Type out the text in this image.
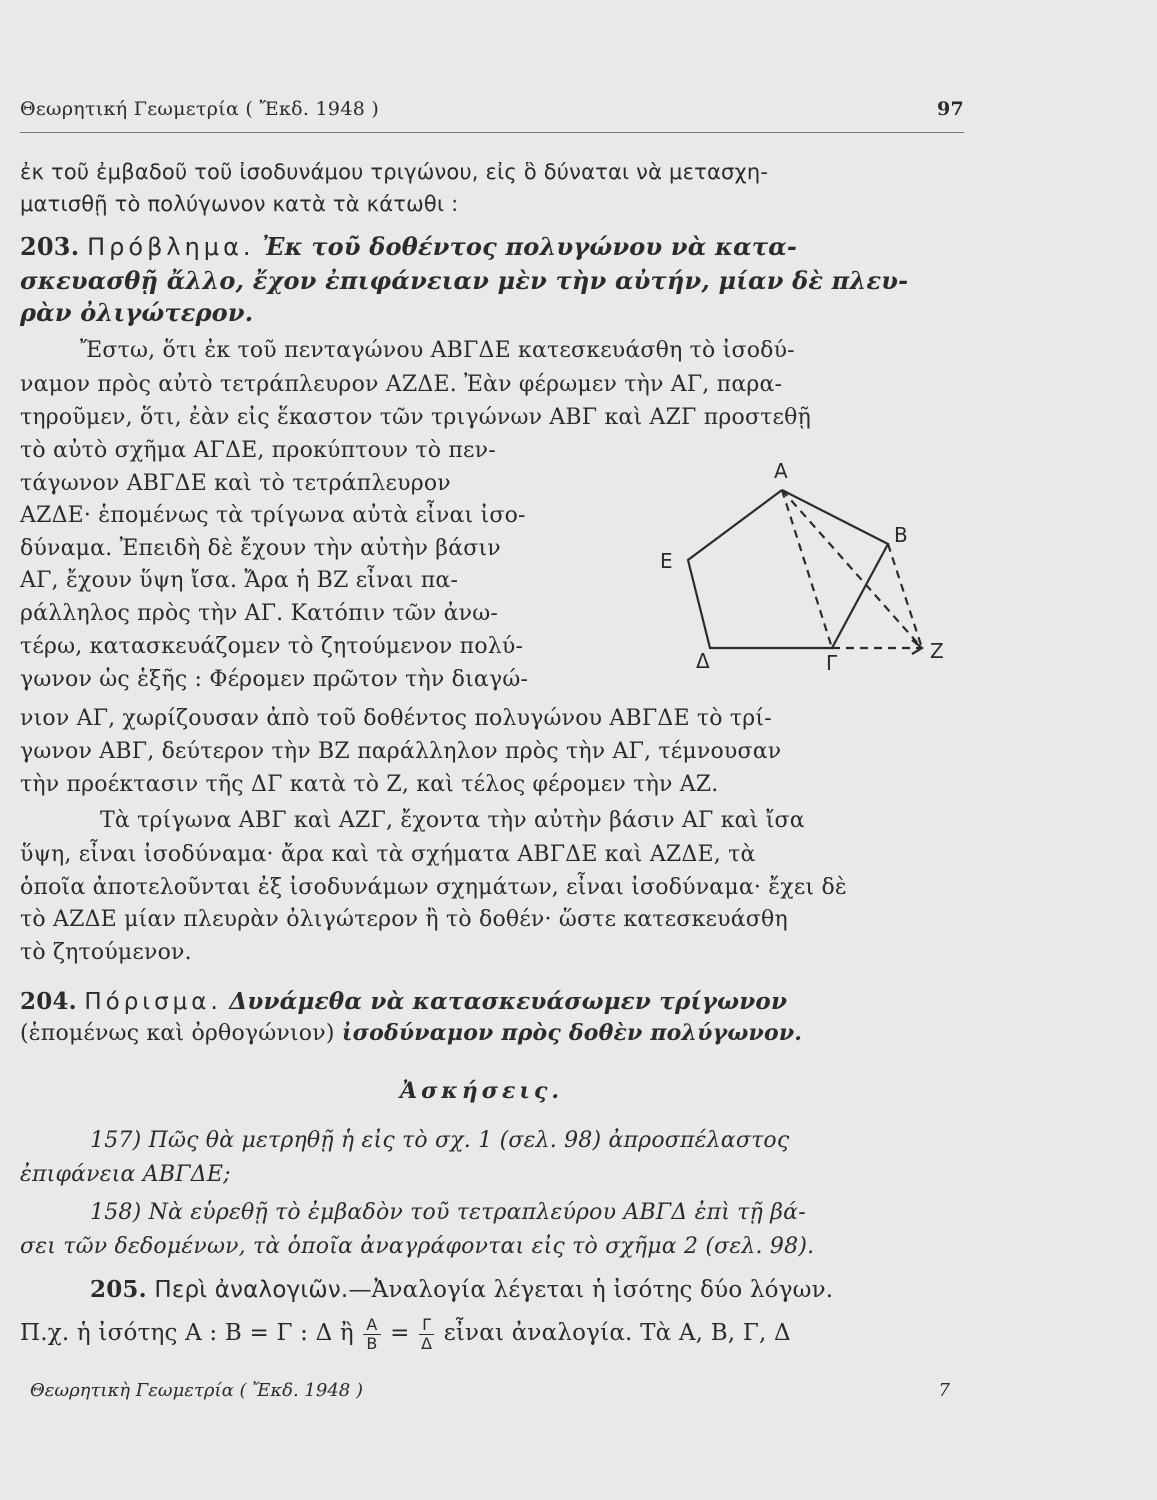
Θεωρητική Γεωμετρία ( Ἔκδ. 1948 )	97
ἐκ τοῦ ἐμβαδοῦ τοῦ ἰσοδυνάμου τριγώνου, εἰς ὃ δύναται νὰ μετασχη-
ματισθῇ τὸ πολύγωνον κατὰ τὰ κάτωθι :
203. Πρόβλημα. Ἐκ τοῦ δοθέντος πολυγώνου νὰ κατα-
σκευασθῇ ἄλλο, ἔχον ἐπιφάνειαν μὲν τὴν αὐτήν, μίαν δὲ πλευ-
ρὰν ὀλιγώτερον.
Ἔστω, ὅτι ἐκ τοῦ πενταγώνου ΑΒΓΔΕ κατεσκευάσθη τὸ ἰσοδύ-
ναμον πρὸς αὐτὸ τετράπλευρον ΑΖΔΕ. Ἐὰν φέρωμεν τὴν ΑΓ, παρα-
τηροῦμεν, ὅτι, ἐὰν εἰς ἕκαστον τῶν τριγώνων ΑΒΓ καὶ ΑΖΓ προστεθῇ
τὸ αὐτὸ σχῆμα ΑΓΔΕ, προκύπτουν τὸ πεν-
τάγωνον ΑΒΓΔΕ καὶ τὸ τετράπλευρον
ΑΖΔΕ· ἑπομένως τὰ τρίγωνα αὐτὰ εἶναι ἰσο-
δύναμα. Ἐπειδὴ δὲ ἔχουν τὴν αὐτὴν βάσιν
ΑΓ, ἔχουν ὕψη ἴσα. Ἄρα ἡ ΒΖ εἶναι πα-
ράλληλος πρὸς τὴν ΑΓ. Κατόπιν τῶν ἀνω-
τέρω, κατασκευάζομεν τὸ ζητούμενον πολύ-
γωνον ὡς ἑξῆς : Φέρομεν πρῶτον τὴν διαγώ-
νιον ΑΓ, χωρίζουσαν ἀπὸ τοῦ δοθέντος πολυγώνου ΑΒΓΔΕ τὸ τρί-
γωνον ΑΒΓ, δεύτερον τὴν ΒΖ παράλληλον πρὸς τὴν ΑΓ, τέμνουσαν
τὴν προέκτασιν τῆς ΔΓ κατὰ τὸ Ζ, καὶ τέλος φέρομεν τὴν ΑΖ.
Τὰ τρίγωνα ΑΒΓ καὶ ΑΖΓ, ἔχοντα τὴν αὐτὴν βάσιν ΑΓ καὶ ἴσα
ὕψη, εἶναι ἰσοδύναμα· ἄρα καὶ τὰ σχήματα ΑΒΓΔΕ καὶ ΑΖΔΕ, τὰ
ὁποῖα ἀποτελοῦνται ἐξ ἰσοδυνάμων σχημάτων, εἶναι ἰσοδύναμα· ἔχει δὲ
τὸ ΑΖΔΕ μίαν πλευρὰν ὀλιγώτερον ἢ τὸ δοθέν· ὥστε κατεσκευάσθη
τὸ ζητούμενον.
Α
Β
Ε
Δ	Γ	Ζ
204. Πόρισμα. Δυνάμεθα νὰ κατασκευάσωμεν τρίγωνον
(ἑπομένως καὶ ὀρθογώνιον) ἰσοδύναμον πρὸς δοθὲν πολύγωνον.
Ἀσκήσεις.
157) Πῶς θὰ μετρηθῇ ἡ εἰς τὸ σχ. 1 (σελ. 98) ἀπροσπέλαστος
ἐπιφάνεια ΑΒΓΔΕ;
158) Νὰ εὑρεθῇ τὸ ἐμβαδὸν τοῦ τετραπλεύρου ΑΒΓΔ ἐπὶ τῇ βά-
σει τῶν δεδομένων, τὰ ὁποῖα ἀναγράφονται εἰς τὸ σχῆμα 2 (σελ. 98).
205. Περὶ ἀναλογιῶν.—Ἀναλογία λέγεται ἡ ἰσότης δύο λόγων.
Π.χ. ἡ ἰσότης Α : Β = Γ : Δ ἢ $\frac{A}{B} = \frac{\Gamma}{\Delta}$ εἶναι ἀναλογία. Τὰ Α, Β, Γ, Δ
Θεωρητικὴ Γεωμετρία ( Ἔκδ. 1948 )	7
